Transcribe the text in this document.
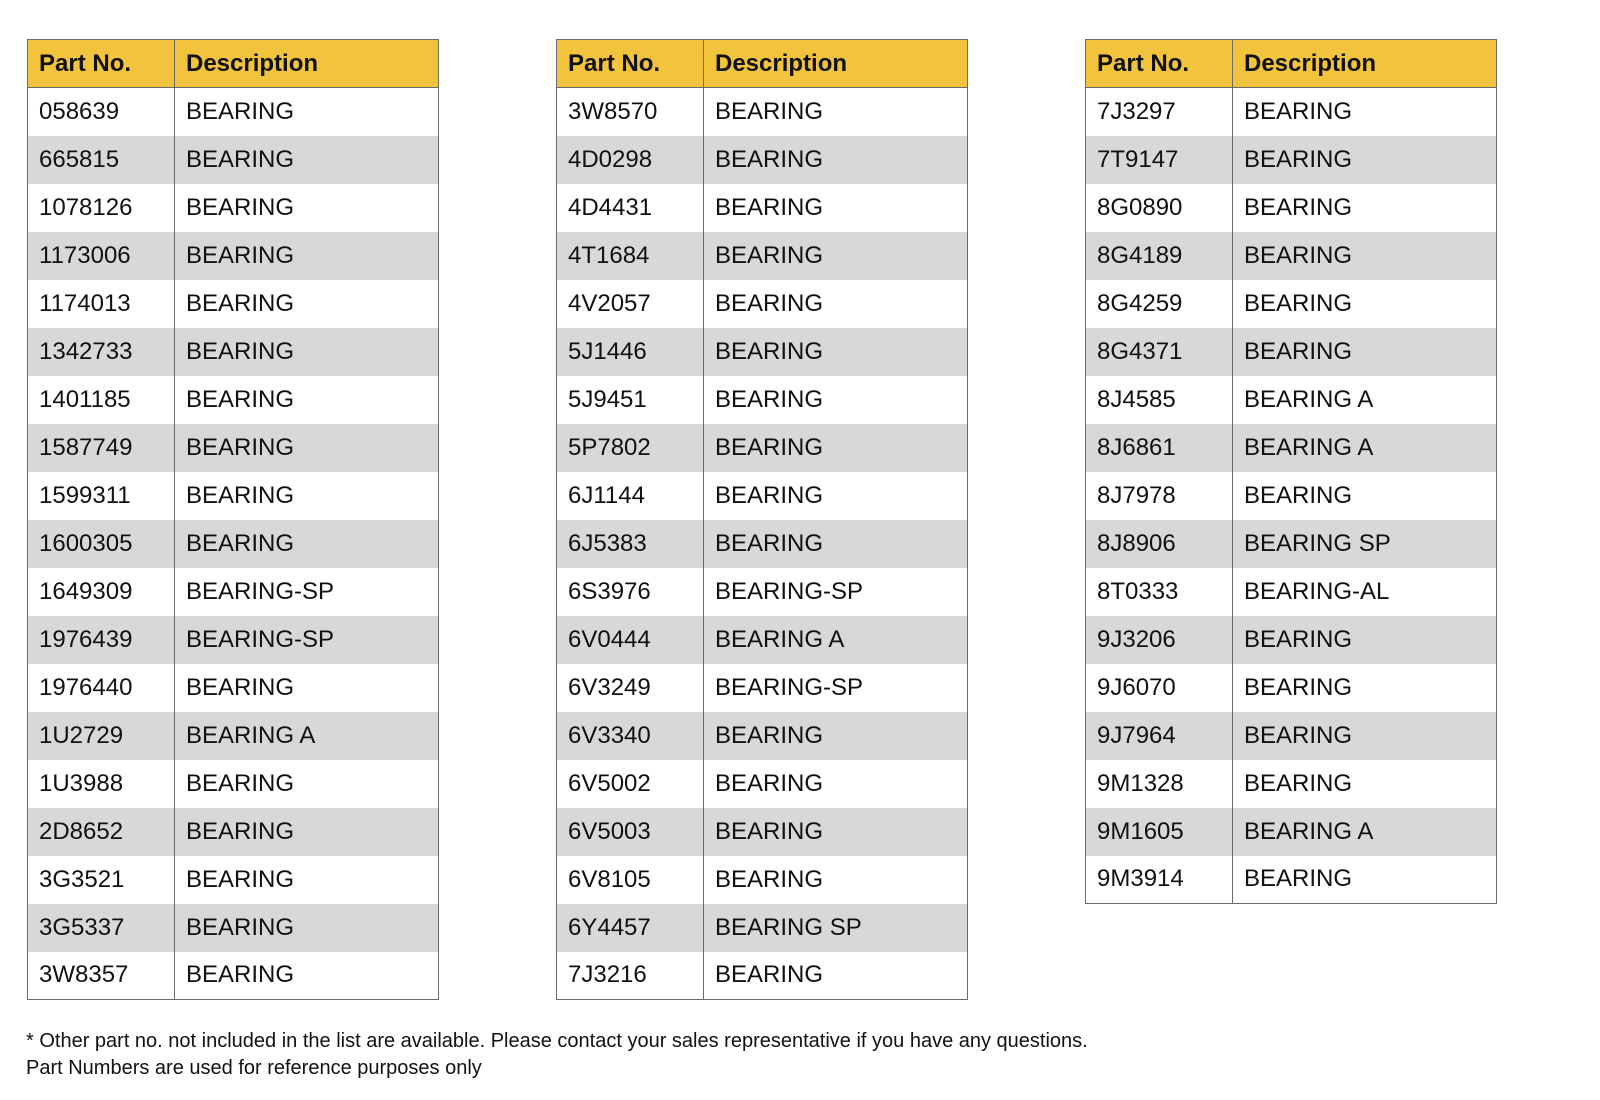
Part No.	Description
058639	BEARING
665815	BEARING
1078126	BEARING
1173006	BEARING
1174013	BEARING
1342733	BEARING
1401185	BEARING
1587749	BEARING
1599311	BEARING
1600305	BEARING
1649309	BEARING-SP
1976439	BEARING-SP
1976440	BEARING
1U2729	BEARING A
1U3988	BEARING
2D8652	BEARING
3G3521	BEARING
3G5337	BEARING
3W8357	BEARING
Part No.	Description
3W8570	BEARING
4D0298	BEARING
4D4431	BEARING
4T1684	BEARING
4V2057	BEARING
5J1446	BEARING
5J9451	BEARING
5P7802	BEARING
6J1144	BEARING
6J5383	BEARING
6S3976	BEARING-SP
6V0444	BEARING A
6V3249	BEARING-SP
6V3340	BEARING
6V5002	BEARING
6V5003	BEARING
6V8105	BEARING
6Y4457	BEARING SP
7J3216	BEARING
Part No.	Description
7J3297	BEARING
7T9147	BEARING
8G0890	BEARING
8G4189	BEARING
8G4259	BEARING
8G4371	BEARING
8J4585	BEARING A
8J6861	BEARING A
8J7978	BEARING
8J8906	BEARING SP
8T0333	BEARING-AL
9J3206	BEARING
9J6070	BEARING
9J7964	BEARING
9M1328	BEARING
9M1605	BEARING A
9M3914	BEARING
* Other part no. not included in the list are available. Please contact your sales representative if you have any questions.
Part Numbers are used for reference purposes only
